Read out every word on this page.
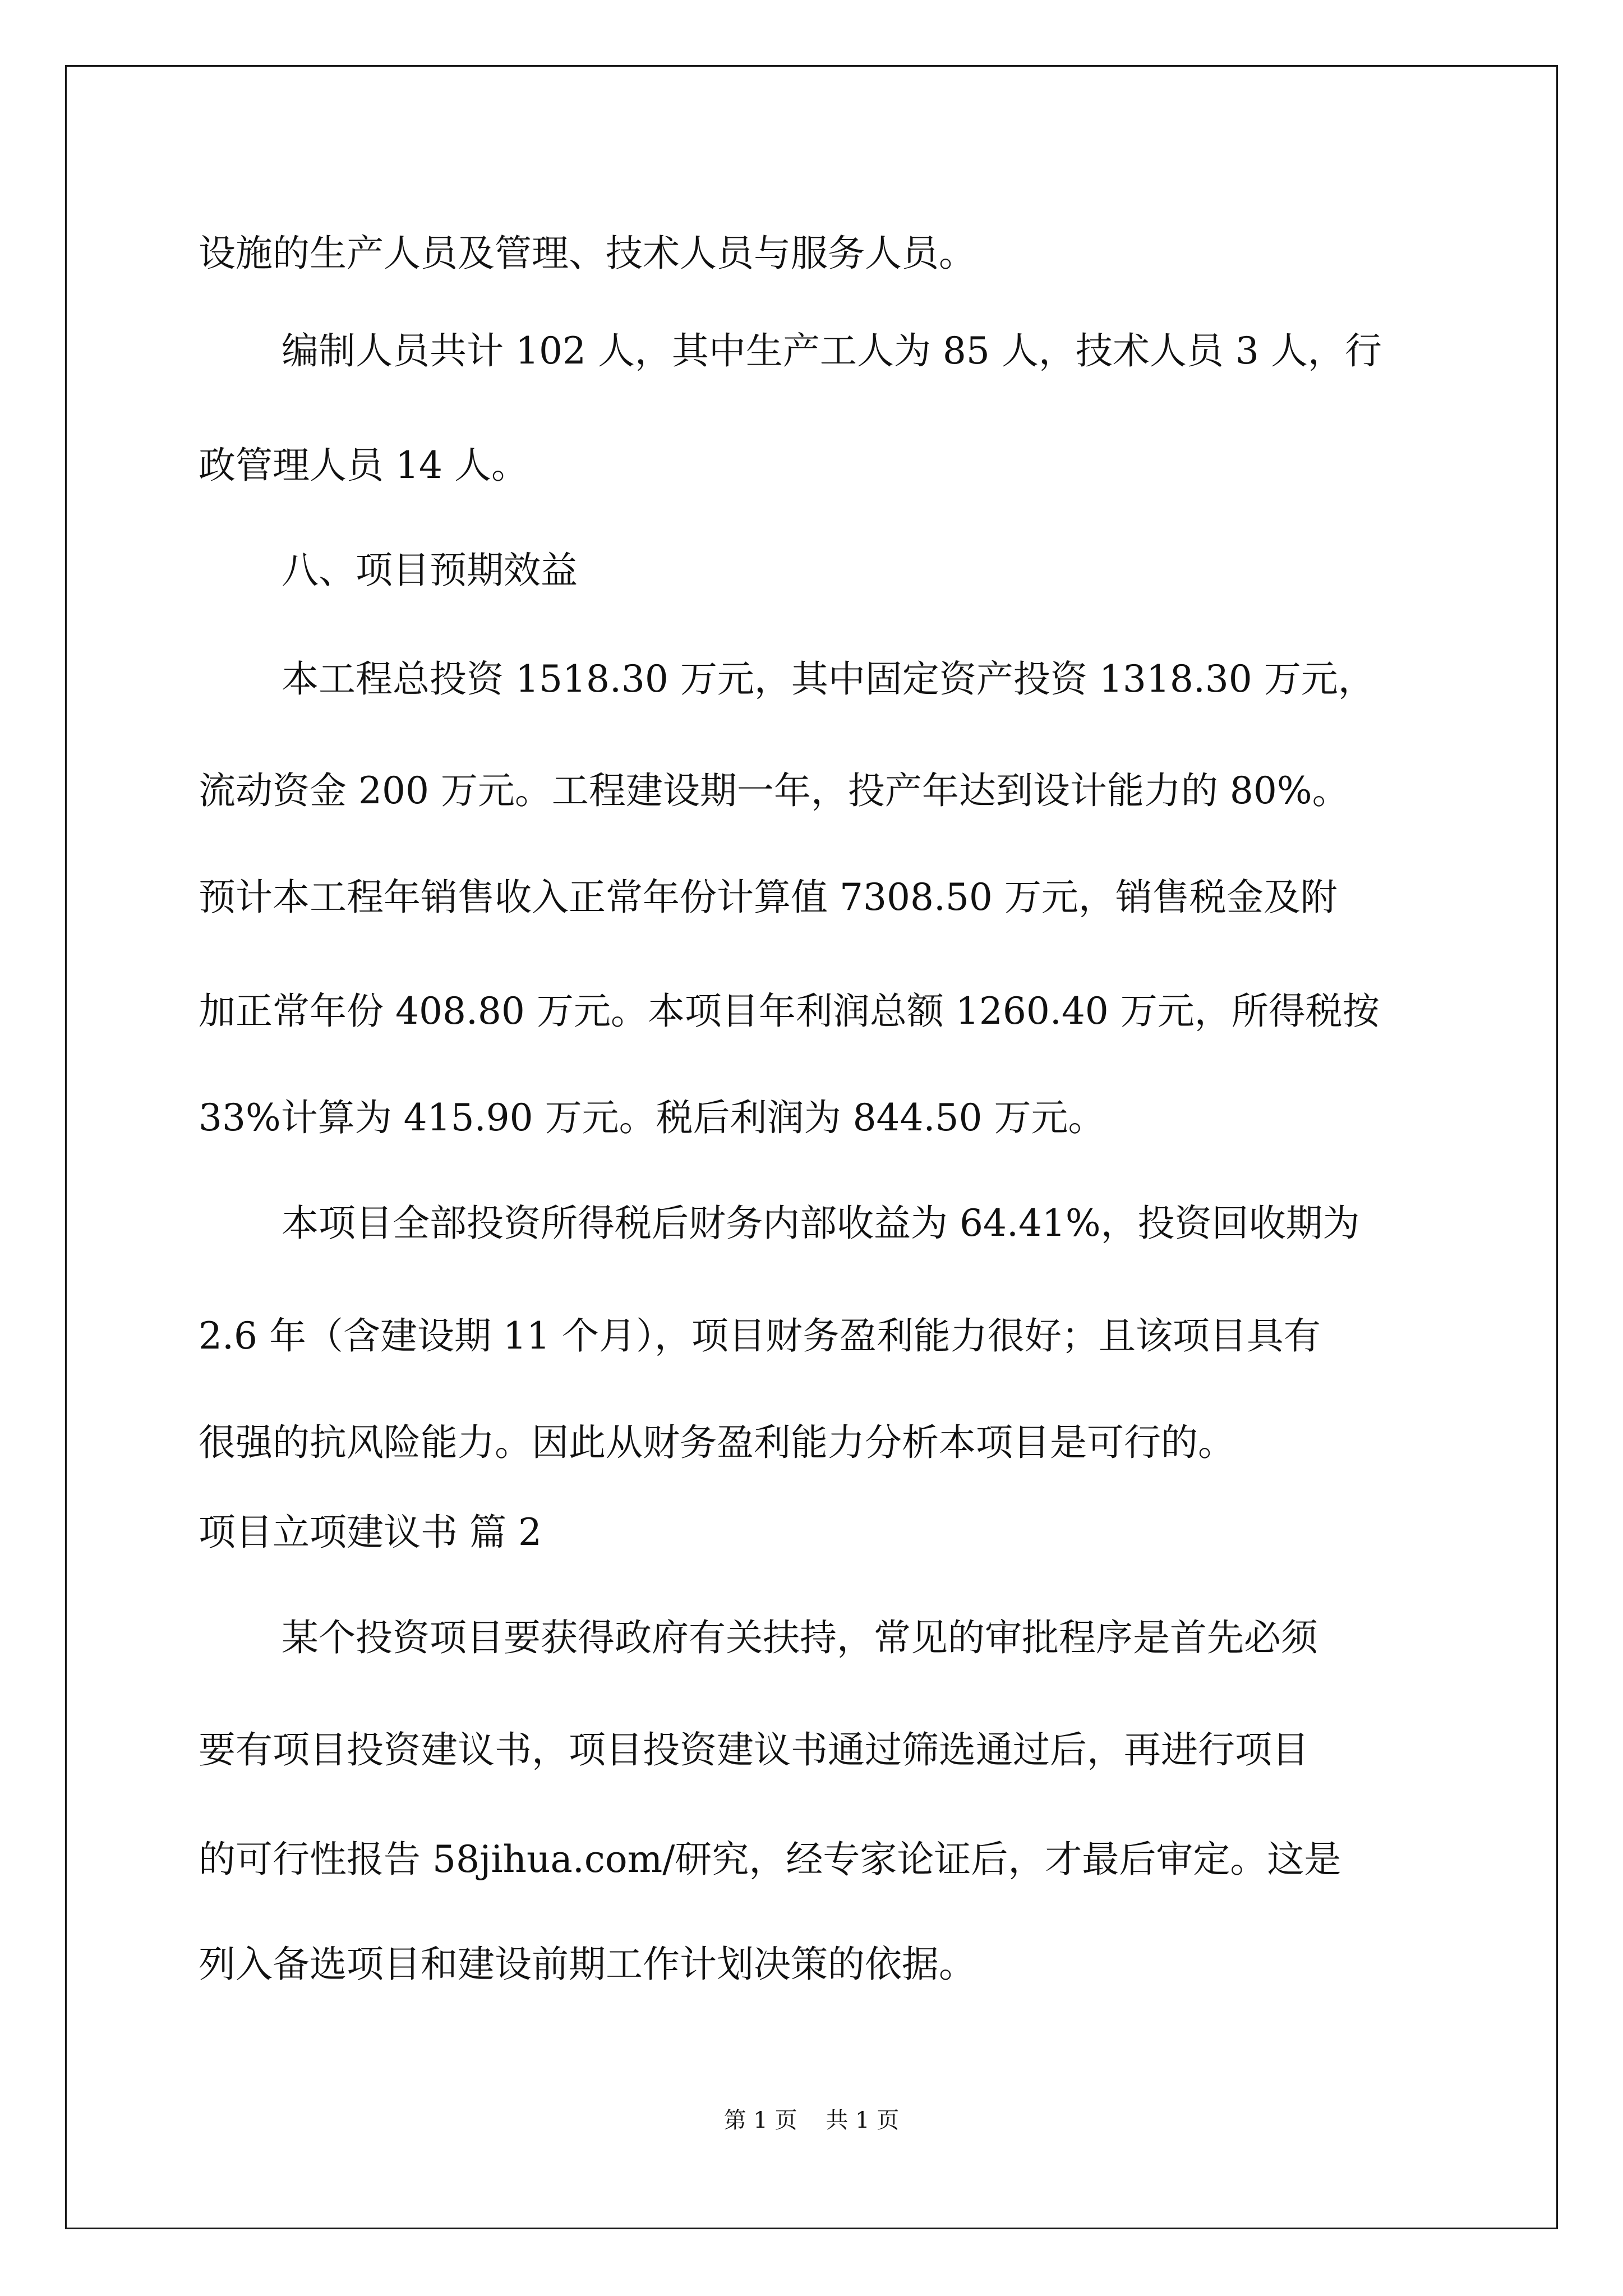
设施的生产人员及管理、技术人员与服务人员。
编制人员共计 102 人，其中生产工人为 85 人，技术人员 3 人，行
政管理人员 14 人。
八、项目预期效益
本工程总投资 1518.30 万元，其中固定资产投资 1318.30 万元，
流动资金 200 万元。工程建设期一年，投产年达到设计能力的 80%。
预计本工程年销售收入正常年份计算值 7308.50 万元，销售税金及附
加正常年份 408.80 万元。本项目年利润总额 1260.40 万元，所得税按
33%计算为 415.90 万元。税后利润为 844.50 万元。
本项目全部投资所得税后财务内部收益为 64.41%，投资回收期为
2.6 年（含建设期 11 个月），项目财务盈利能力很好；且该项目具有
很强的抗风险能力。因此从财务盈利能力分析本项目是可行的。
项目立项建议书 篇 2
某个投资项目要获得政府有关扶持，常见的审批程序是首先必须
要有项目投资建议书，项目投资建议书通过筛选通过后，再进行项目
的可行性报告 58jihua.com/研究，经专家论证后，才最后审定。这是
列入备选项目和建设前期工作计划决策的依据。
第 1 页    共 1 页
